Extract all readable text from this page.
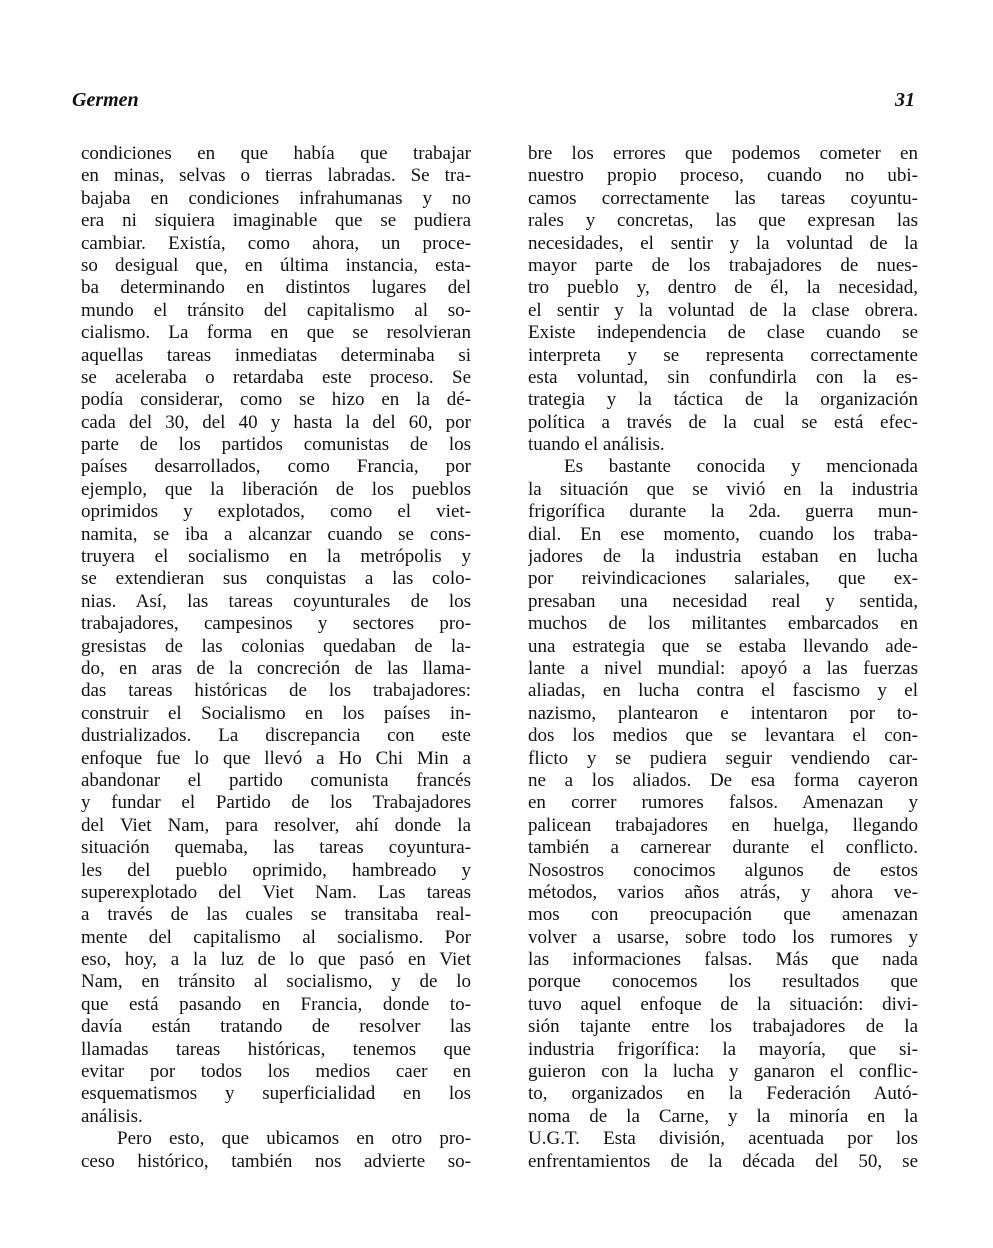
Germen	31
condiciones en que había que trabajar
en minas, selvas o tierras labradas. Se tra-
bajaba en condiciones infrahumanas y no
era ni siquiera imaginable que se pudiera
cambiar. Existía, como ahora, un proce-
so desigual que, en última instancia, esta-
ba determinando en distintos lugares del
mundo el tránsito del capitalismo al so-
cialismo. La forma en que se resolvieran
aquellas tareas inmediatas determinaba si
se aceleraba o retardaba este proceso. Se
podía considerar, como se hizo en la dé-
cada del 30, del 40 y hasta la del 60, por
parte de los partidos comunistas de los
países desarrollados, como Francia, por
ejemplo, que la liberación de los pueblos
oprimidos y explotados, como el viet-
namita, se iba a alcanzar cuando se cons-
truyera el socialismo en la metrópolis y
se extendieran sus conquistas a las colo-
nias. Así, las tareas coyunturales de los
trabajadores, campesinos y sectores pro-
gresistas de las colonias quedaban de la-
do, en aras de la concreción de las llama-
das tareas históricas de los trabajadores:
construir el Socialismo en los países in-
dustrializados. La discrepancia con este
enfoque fue lo que llevó a Ho Chi Min a
abandonar el partido comunista francés
y fundar el Partido de los Trabajadores
del Viet Nam, para resolver, ahí donde la
situación quemaba, las tareas coyuntura-
les del pueblo oprimido, hambreado y
superexplotado del Viet Nam. Las tareas
a través de las cuales se transitaba real-
mente del capitalismo al socialismo. Por
eso, hoy, a la luz de lo que pasó en Viet
Nam, en tránsito al socialismo, y de lo
que está pasando en Francia, donde to-
davía están tratando de resolver las
llamadas tareas históricas, tenemos que
evitar por todos los medios caer en
esquematismos y superficialidad en los
análisis.
Pero esto, que ubicamos en otro pro-
ceso histórico, también nos advierte so-
bre los errores que podemos cometer en
nuestro propio proceso, cuando no ubi-
camos correctamente las tareas coyuntu-
rales y concretas, las que expresan las
necesidades, el sentir y la voluntad de la
mayor parte de los trabajadores de nues-
tro pueblo y, dentro de él, la necesidad,
el sentir y la voluntad de la clase obrera.
Existe independencia de clase cuando se
interpreta y se representa correctamente
esta voluntad, sin confundirla con la es-
trategia y la táctica de la organización
política a través de la cual se está efec-
tuando el análisis.
Es bastante conocida y mencionada
la situación que se vivió en la industria
frigorífica durante la 2da. guerra mun-
dial. En ese momento, cuando los traba-
jadores de la industria estaban en lucha
por reivindicaciones salariales, que ex-
presaban una necesidad real y sentida,
muchos de los militantes embarcados en
una estrategia que se estaba llevando ade-
lante a nivel mundial: apoyó a las fuerzas
aliadas, en lucha contra el fascismo y el
nazismo, plantearon e intentaron por to-
dos los medios que se levantara el con-
flicto y se pudiera seguir vendiendo car-
ne a los aliados. De esa forma cayeron
en correr rumores falsos. Amenazan y
palicean trabajadores en huelga, llegando
también a carnerear durante el conflicto.
Nosostros conocimos algunos de estos
métodos, varios años atrás, y ahora ve-
mos con preocupación que amenazan
volver a usarse, sobre todo los rumores y
las informaciones falsas. Más que nada
porque conocemos los resultados que
tuvo aquel enfoque de la situación: divi-
sión tajante entre los trabajadores de la
industria frigorífica: la mayoría, que si-
guieron con la lucha y ganaron el conflic-
to, organizados en la Federación Autó-
noma de la Carne, y la minoría en la
U.G.T. Esta división, acentuada por los
enfrentamientos de la década del 50, se
